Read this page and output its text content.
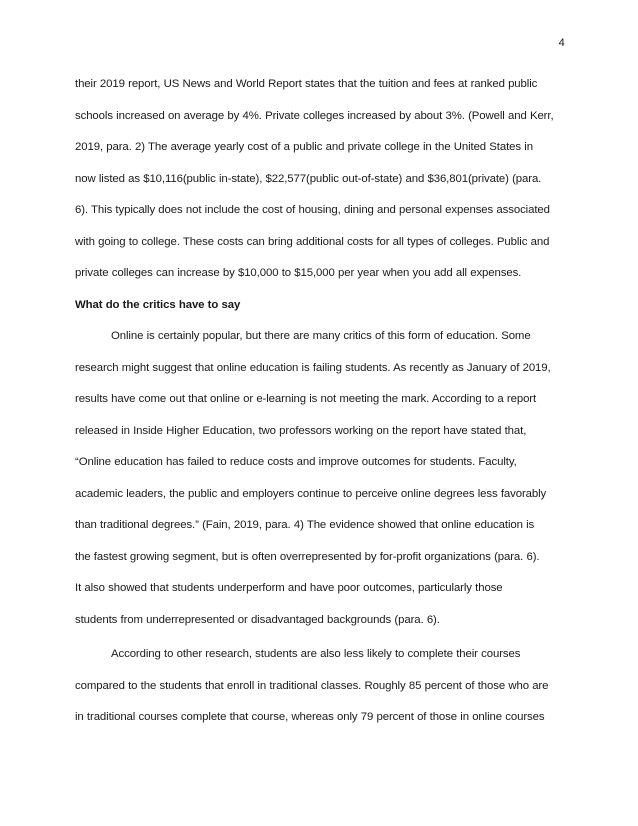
4
their 2019 report, US News and World Report states that the tuition and fees at ranked public
schools increased on average by 4%. Private colleges increased by about 3%. (Powell and Kerr,
2019, para. 2) The average yearly cost of a public and private college in the United States in
now listed as $10,116(public in-state), $22,577(public out-of-state) and $36,801(private) (para.
6). This typically does not include the cost of housing, dining and personal expenses associated
with going to college. These costs can bring additional costs for all types of colleges. Public and
private colleges can increase by $10,000 to $15,000 per year when you add all expenses.
What do the critics have to say
Online is certainly popular, but there are many critics of this form of education. Some
research might suggest that online education is failing students. As recently as January of 2019,
results have come out that online or e-learning is not meeting the mark. According to a report
released in Inside Higher Education, two professors working on the report have stated that,
“Online education has failed to reduce costs and improve outcomes for students. Faculty,
academic leaders, the public and employers continue to perceive online degrees less favorably
than traditional degrees.” (Fain, 2019, para. 4) The evidence showed that online education is
the fastest growing segment, but is often overrepresented by for-profit organizations (para. 6).
It also showed that students underperform and have poor outcomes, particularly those
students from underrepresented or disadvantaged backgrounds (para. 6).
According to other research, students are also less likely to complete their courses
compared to the students that enroll in traditional classes. Roughly 85 percent of those who are
in traditional courses complete that course, whereas only 79 percent of those in online courses
